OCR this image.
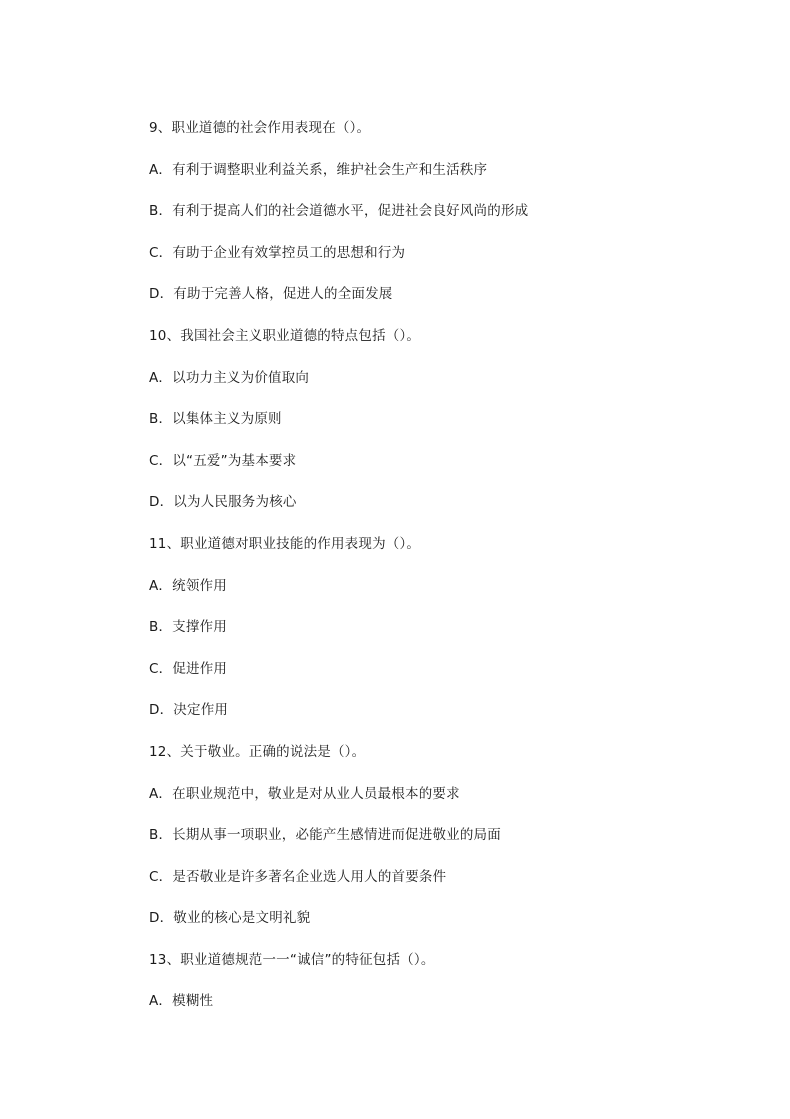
9、职业道德的社会作用表现在（）。
A．有利于调整职业利益关系，维护社会生产和生活秩序
B．有利于提高人们的社会道德水平，促进社会良好风尚的形成
C．有助于企业有效掌控员工的思想和行为
D．有助于完善人格，促进人的全面发展
10、我国社会主义职业道德的特点包括（）。
A．以功力主义为价值取向
B．以集体主义为原则
C．以“五爱”为基本要求
D．以为人民服务为核心
11、职业道德对职业技能的作用表现为（）。
A．统领作用
B．支撑作用
C．促进作用
D．决定作用
12、关于敬业。正确的说法是（）。
A．在职业规范中，敬业是对从业人员最根本的要求
B．长期从事一项职业，必能产生感情进而促进敬业的局面
C．是否敬业是许多著名企业选人用人的首要条件
D．敬业的核心是文明礼貌
13、职业道德规范一一“诚信”的特征包括（）。
A．模糊性
